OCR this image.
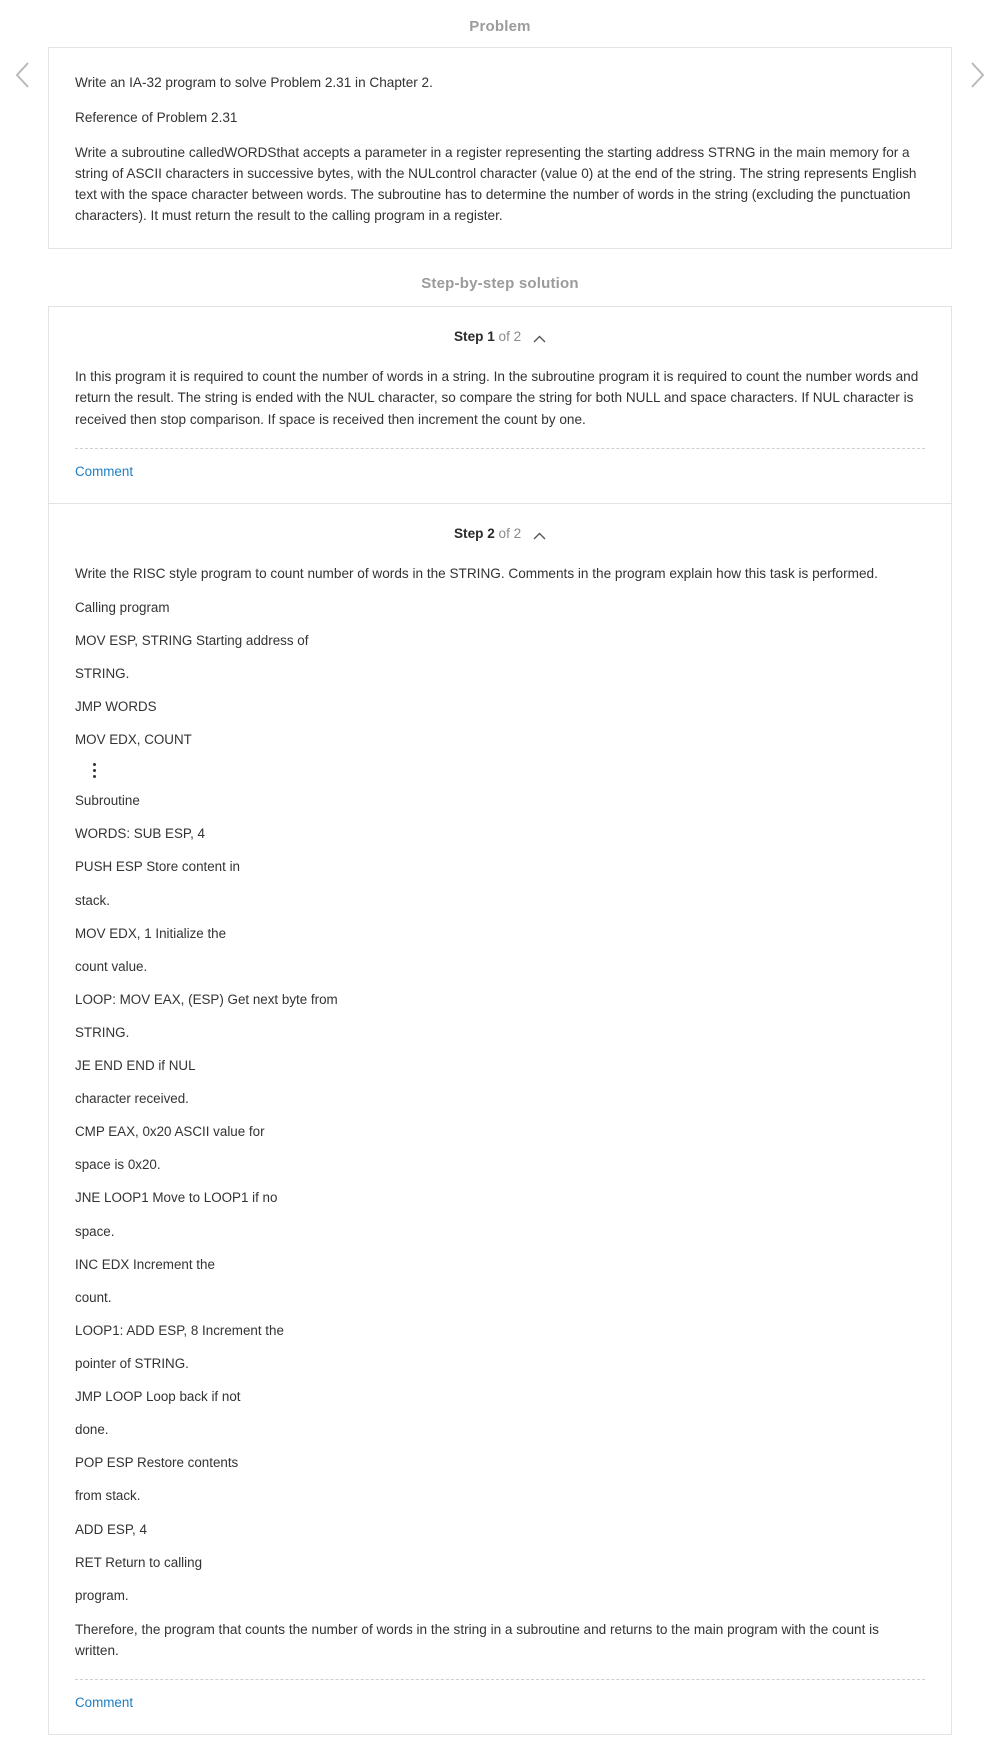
Problem

Write an IA-32 program to solve Problem 2.31 in Chapter 2.

Reference of Problem 2.31

Write a subroutine calledWORDSthat accepts a parameter in a register representing the starting address STRNG in the main memory for a string of ASCII characters in successive bytes, with the NULcontrol character (value 0) at the end of the string. The string represents English text with the space character between words. The subroutine has to determine the number of words in the string (excluding the punctuation characters). It must return the result to the calling program in a register.

Step-by-step solution
Step 1 of 2

In this program it is required to count the number of words in a string. In the subroutine program it is required to count the number words and return the result. The string is ended with the NUL character, so compare the string for both NULL and space characters. If NUL character is received then stop comparison. If space is received then increment the count by one.

Comment
Step 2 of 2

Write the RISC style program to count number of words in the STRING. Comments in the program explain how this task is performed.

Calling program

MOV ESP, STRING Starting address of

STRING.

JMP WORDS

MOV EDX, COUNT

Subroutine

WORDS: SUB ESP, 4

PUSH ESP Store content in

stack.

MOV EDX, 1 Initialize the

count value.

LOOP: MOV EAX, (ESP) Get next byte from

STRING.

JE END END if NUL

character received.

CMP EAX, 0x20 ASCII value for

space is 0x20.

JNE LOOP1 Move to LOOP1 if no

space.

INC EDX Increment the

count.

LOOP1: ADD ESP, 8 Increment the

pointer of STRING.

JMP LOOP Loop back if not

done.

POP ESP Restore contents

from stack.

ADD ESP, 4

RET Return to calling

program.

Therefore, the program that counts the number of words in the string in a subroutine and returns to the main program with the count is written.

Comment
